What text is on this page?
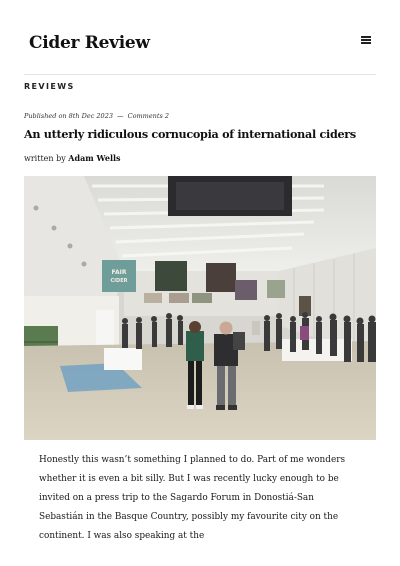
Cider Review
REVIEWS
Published on 8th Dec 2023 — Comments 2
An utterly ridiculous cornucopia of international ciders
written by Adam Wells
FAIR
CIDER

Honestly this wasn’t something I planned to do. Part of me wonders whether it is even a bit silly. But I was recently lucky enough to be invited on a press trip to the Sagardo Forum in Donostiá-San Sebastián in the Basque Country, possibly my favourite city on the continent. I was also speaking at the
